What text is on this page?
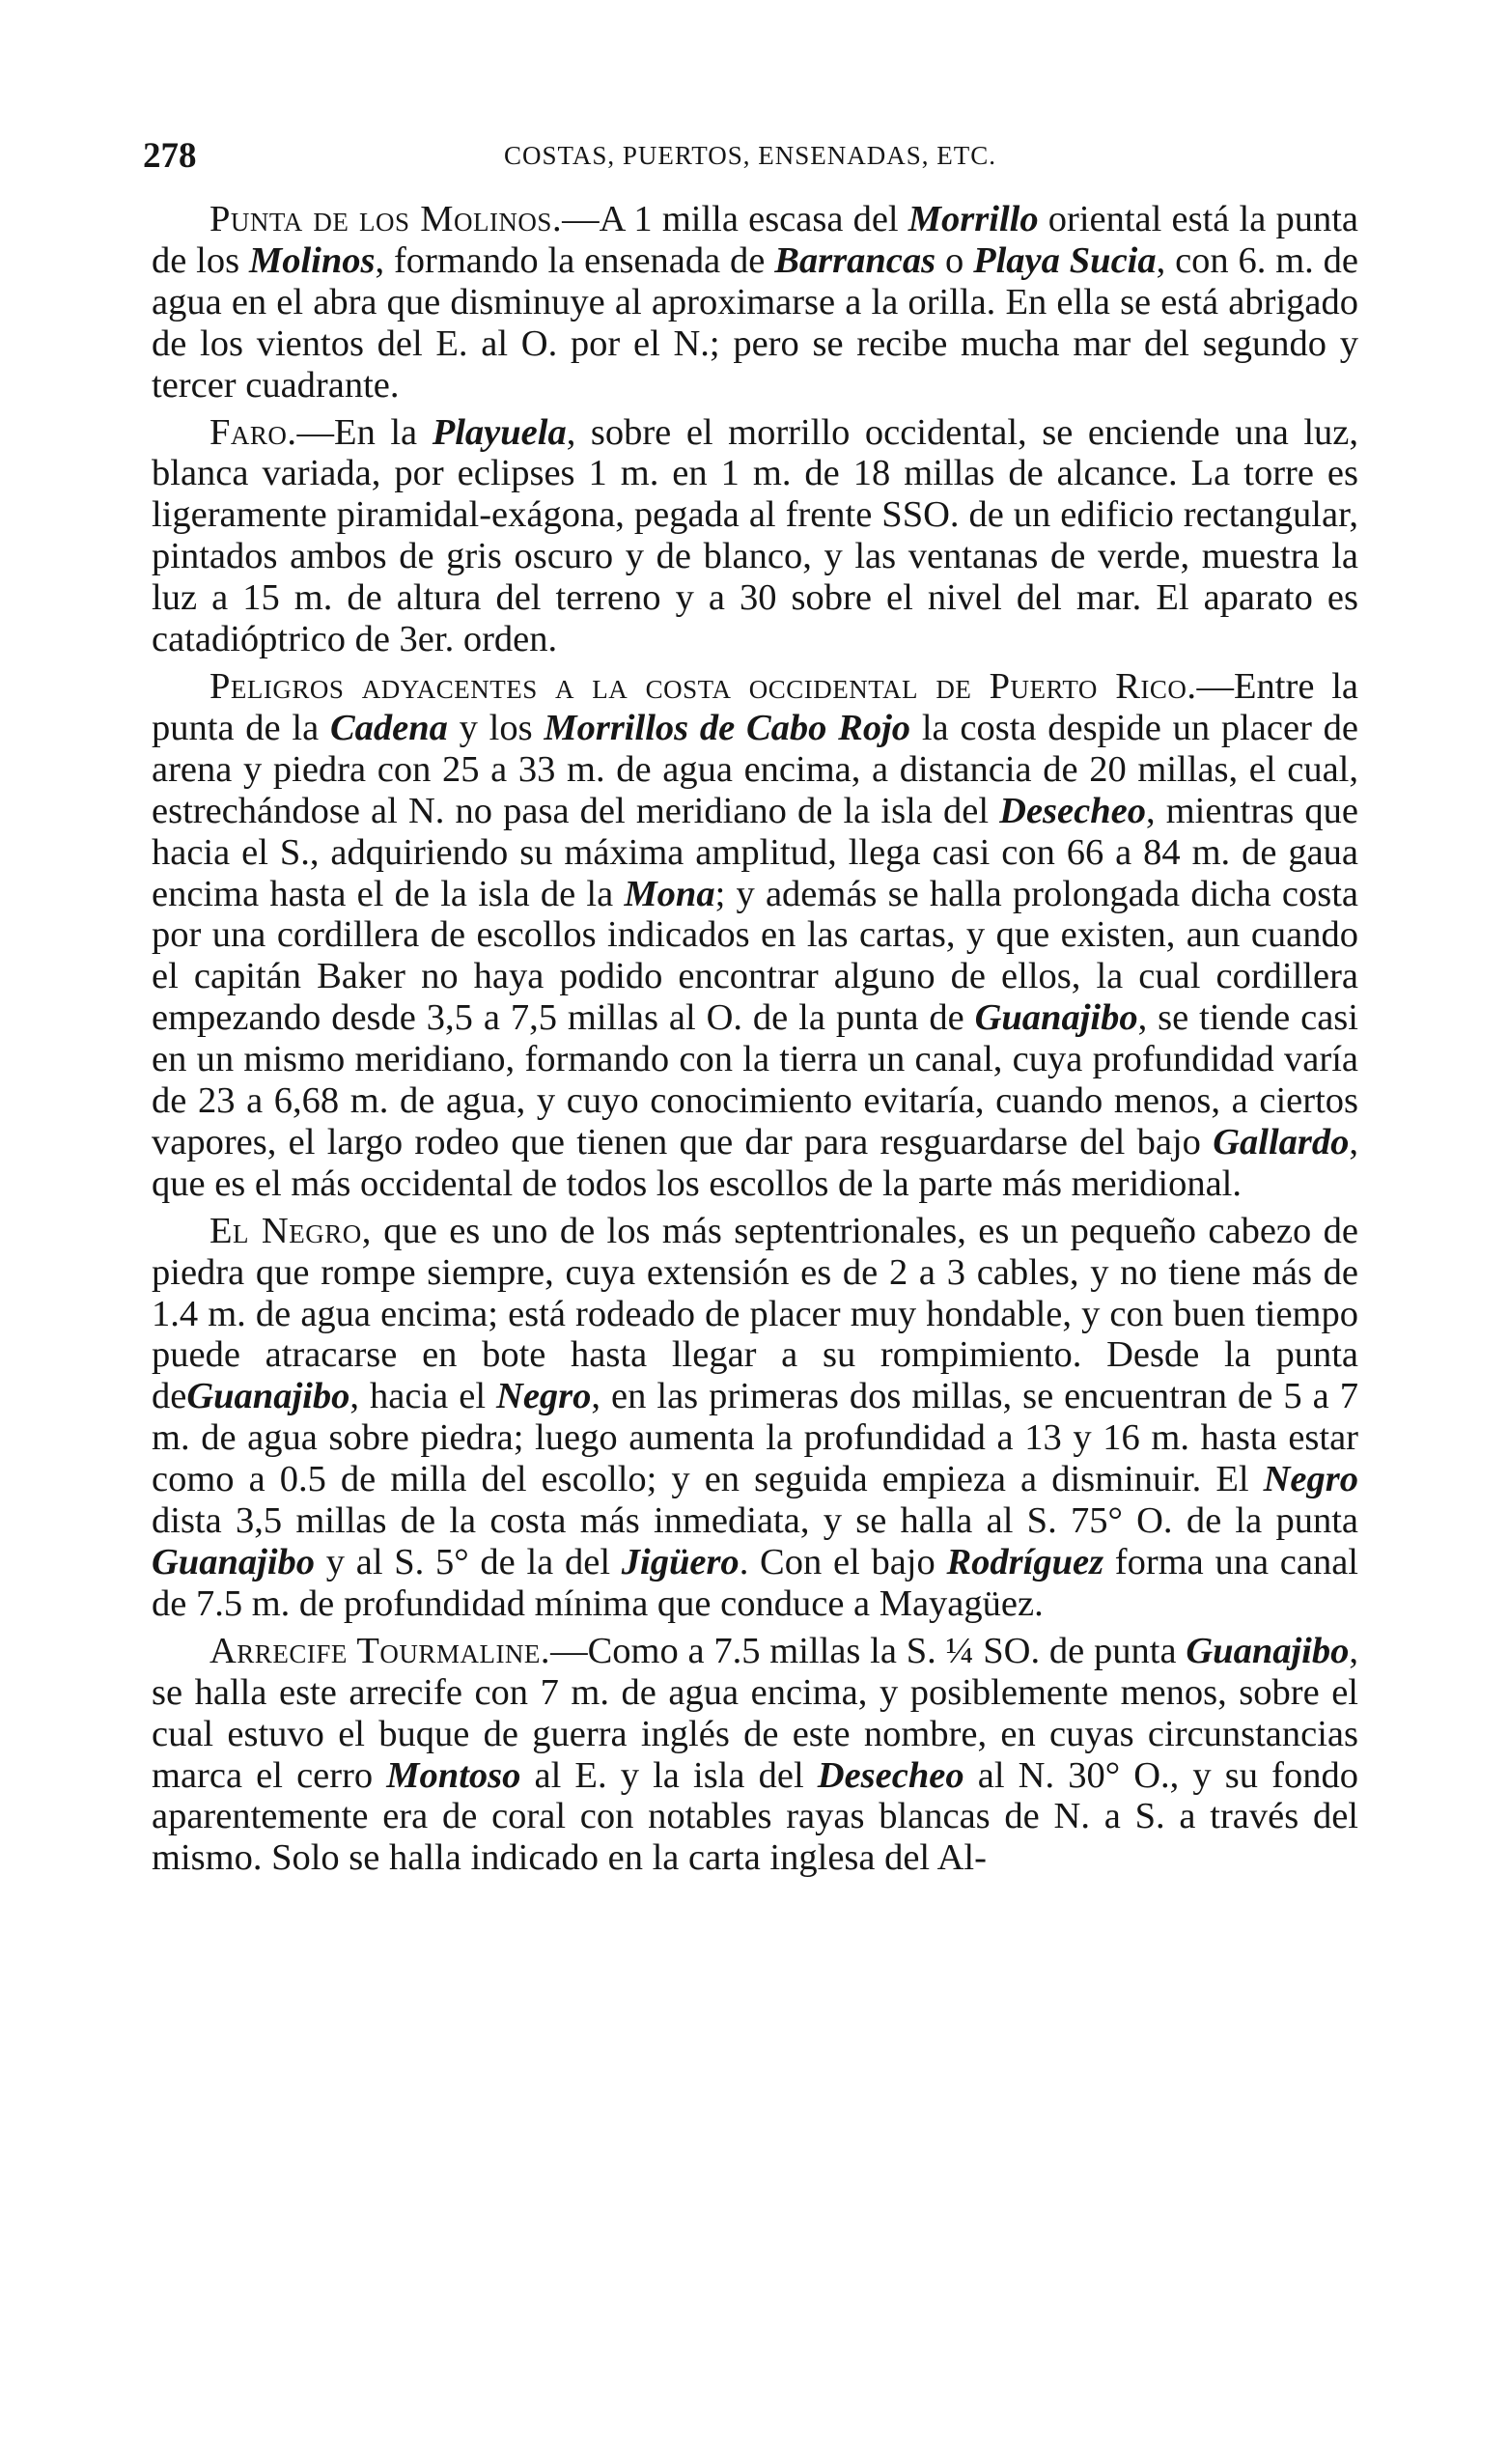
278	COSTAS, PUERTOS, ENSENADAS, ETC.

Punta de los Molinos.—A 1 milla escasa del Morrillo oriental está la punta de los Molinos, formando la ensenada de Barrancas o Playa Sucia, con 6. m. de agua en el abra que disminuye al aproximarse a la orilla. En ella se está abrigado de los vientos del E. al O. por el N.; pero se recibe mucha mar del segundo y tercer cuadrante.

Faro.—En la Playuela, sobre el morrillo occidental, se enciende una luz, blanca variada, por eclipses 1 m. en 1 m. de 18 millas de alcance. La torre es ligeramente piramidal-exágona, pegada al frente SSO. de un edificio rectangular, pintados ambos de gris oscuro y de blanco, y las ventanas de verde, muestra la luz a 15 m. de altura del terreno y a 30 sobre el nivel del mar. El aparato es catadióptrico de 3er. orden.

Peligros adyacentes a la costa occidental de Puerto Rico.—Entre la punta de la Cadena y los Morrillos de Cabo Rojo la costa despide un placer de arena y piedra con 25 a 33 m. de agua encima, a distancia de 20 millas, el cual, estrechándose al N. no pasa del meridiano de la isla del Desecheo, mientras que hacia el S., adquiriendo su máxima amplitud, llega casi con 66 a 84 m. de gaua encima hasta el de la isla de la Mona; y además se halla prolongada dicha costa por una cordillera de escollos indicados en las cartas, y que existen, aun cuando el capitán Baker no haya podido encontrar alguno de ellos, la cual cordillera empezando desde 3,5 a 7,5 millas al O. de la punta de Guanajibo, se tiende casi en un mismo meridiano, formando con la tierra un canal, cuya profundidad varía de 23 a 6,68 m. de agua, y cuyo conocimiento evitaría, cuando menos, a ciertos vapores, el largo rodeo que tienen que dar para resguardarse del bajo Gallardo, que es el más occidental de todos los escollos de la parte más meridional.

El Negro, que es uno de los más septentrionales, es un pequeño cabezo de piedra que rompe siempre, cuya extensión es de 2 a 3 cables, y no tiene más de 1.4 m. de agua encima; está rodeado de placer muy hondable, y con buen tiempo puede atracarse en bote hasta llegar a su rompimiento. Desde la punta deGuanajibo, hacia el Negro, en las primeras dos millas, se encuentran de 5 a 7 m. de agua sobre piedra; luego aumenta la profundidad a 13 y 16 m. hasta estar como a 0.5 de milla del escollo; y en seguida empieza a disminuir. El Negro dista 3,5 millas de la costa más inmediata, y se halla al S. 75° O. de la punta Guanajibo y al S. 5° de la del Jigüero. Con el bajo Rodríguez forma una canal de 7.5 m. de profundidad mínima que conduce a Mayagüez.

Arrecife Tourmaline.—Como a 7.5 millas la S. ¼ SO. de punta Guanajibo, se halla este arrecife con 7 m. de agua encima, y posiblemente menos, sobre el cual estuvo el buque de guerra inglés de este nombre, en cuyas circunstancias marca el cerro Montoso al E. y la isla del Desecheo al N. 30° O., y su fondo aparentemente era de coral con notables rayas blancas de N. a S. a través del mismo. Solo se halla indicado en la carta inglesa del Al-
